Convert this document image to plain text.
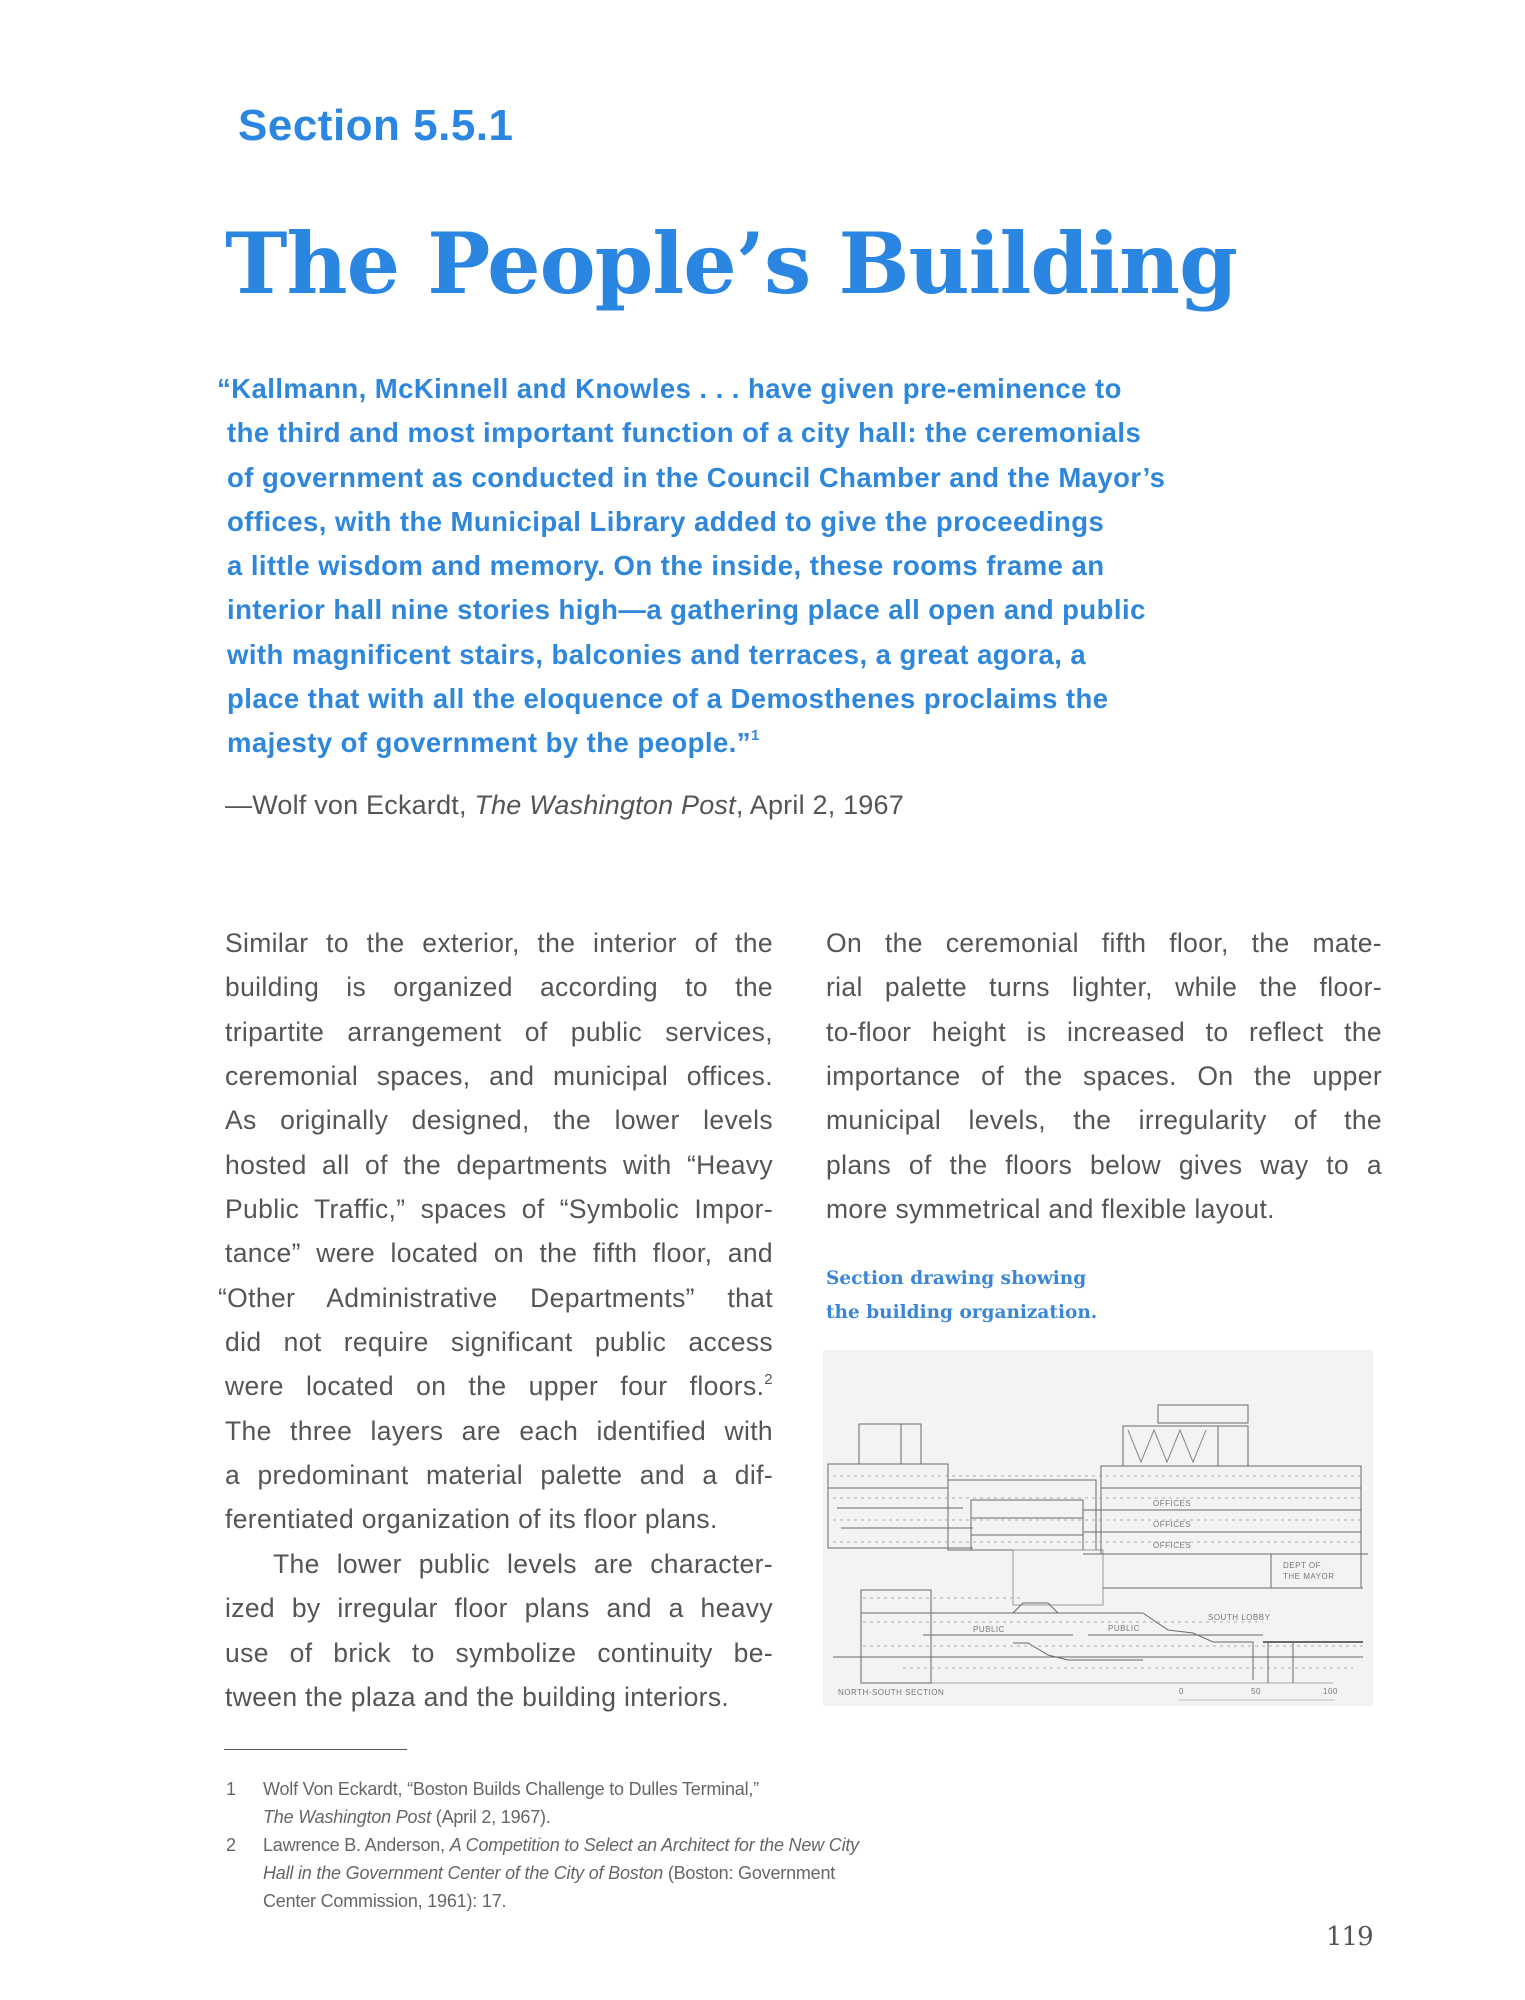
Section 5.5.1
The People’s Building
“Kallmann, McKinnell and Knowles . . . have given pre-eminence to
the third and most important function of a city hall: the ceremonials
of government as conducted in the Council Chamber and the Mayor’s
offices, with the Municipal Library added to give the proceedings
a little wisdom and memory. On the inside, these rooms frame an
interior hall nine stories high—a gathering place all open and public
with magnificent stairs, balconies and terraces, a great agora, a
place that with all the eloquence of a Demosthenes proclaims the
majesty of government by the people.”$^1$
—Wolf von Eckardt, The Washington Post, April 2, 1967
Similar to the exterior, the interior of the
building is organized according to the
tripartite arrangement of public services,
ceremonial spaces, and municipal offices.
As originally designed, the lower levels
hosted all of the departments with “Heavy
Public Traffic,” spaces of “Symbolic Impor-
tance” were located on the fifth floor, and
“Other Administrative Departments” that
did not require significant public access
were located on the upper four floors.$^2$
The three layers are each identified with
a predominant material palette and a dif-
ferentiated organization of its floor plans.
The lower public levels are character-
ized by irregular floor plans and a heavy
use of brick to symbolize continuity be-
tween the plaza and the building interiors.
On the ceremonial fifth floor, the mate-
rial palette turns lighter, while the floor-
to-floor height is increased to reflect the
importance of the spaces. On the upper
municipal levels, the irregularity of the
plans of the floors below gives way to a
more symmetrical and flexible layout.
Section drawing showing
the building organization.
OFFICES
OFFICES
OFFICES
DEPT OF
THE MAYOR
SOUTH LOBBY
PUBLIC	PUBLIC
NORTH-SOUTH SECTION	0	50	100
1 Wolf Von Eckardt, “Boston Builds Challenge to Dulles Terminal,”
The Washington Post (April 2, 1967).
2 Lawrence B. Anderson, A Competition to Select an Architect for the New City
Hall in the Government Center of the City of Boston (Boston: Government
Center Commission, 1961): 17.
119
